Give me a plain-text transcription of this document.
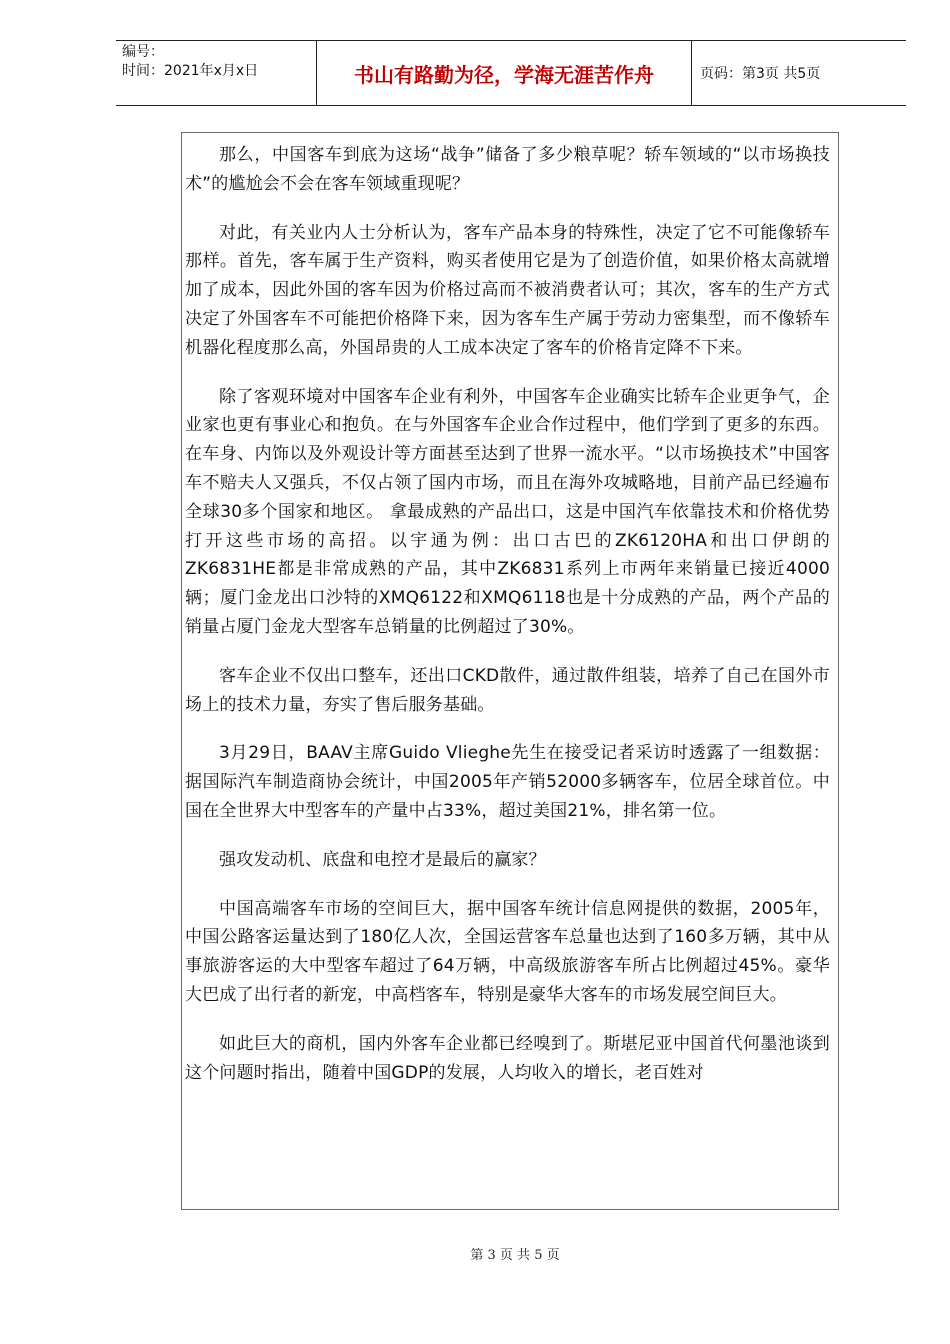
编号：
时间：2021年x月x日	书山有路勤为径，学海无涯苦作舟	页码：第3页 共5页

那么，中国客车到底为这场“战争”储备了多少粮草呢？轿车领域的“以市场换技术”的尴尬会不会在客车领域重现呢？

对此，有关业内人士分析认为，客车产品本身的特殊性，决定了它不可能像轿车那样。首先，客车属于生产资料，购买者使用它是为了创造价值，如果价格太高就增加了成本，因此外国的客车因为价格过高而不被消费者认可；其次，客车的生产方式决定了外国客车不可能把价格降下来，因为客车生产属于劳动力密集型，而不像轿车机器化程度那么高，外国昂贵的人工成本决定了客车的价格肯定降不下来。

除了客观环境对中国客车企业有利外，中国客车企业确实比轿车企业更争气，企业家也更有事业心和抱负。在与外国客车企业合作过程中，他们学到了更多的东西。在车身、内饰以及外观设计等方面甚至达到了世界一流水平。“以市场换技术”中国客车不赔夫人又强兵，不仅占领了国内市场，而且在海外攻城略地，目前产品已经遍布全球30多个国家和地区。 拿最成熟的产品出口，这是中国汽车依靠技术和价格优势打开这些市场的高招。以宇通为例：出口古巴的ZK6120HA和出口伊朗的ZK6831HE都是非常成熟的产品，其中ZK6831系列上市两年来销量已接近4000辆；厦门金龙出口沙特的XMQ6122和XMQ6118也是十分成熟的产品，两个产品的销量占厦门金龙大型客车总销量的比例超过了30%。

客车企业不仅出口整车，还出口CKD散件，通过散件组装，培养了自己在国外市场上的技术力量，夯实了售后服务基础。

3月29日，BAAV主席Guido Vlieghe先生在接受记者采访时透露了一组数据：据国际汽车制造商协会统计，中国2005年产销52000多辆客车，位居全球首位。中国在全世界大中型客车的产量中占33%，超过美国21%，排名第一位。

强攻发动机、底盘和电控才是最后的赢家？

中国高端客车市场的空间巨大，据中国客车统计信息网提供的数据，2005年，中国公路客运量达到了180亿人次，全国运营客车总量也达到了160多万辆，其中从事旅游客运的大中型客车超过了64万辆，中高级旅游客车所占比例超过45%。豪华大巴成了出行者的新宠，中高档客车，特别是豪华大客车的市场发展空间巨大。

如此巨大的商机，国内外客车企业都已经嗅到了。斯堪尼亚中国首代何墨池谈到这个问题时指出，随着中国GDP的发展，人均收入的增长，老百姓对

第 3 页 共 5 页
